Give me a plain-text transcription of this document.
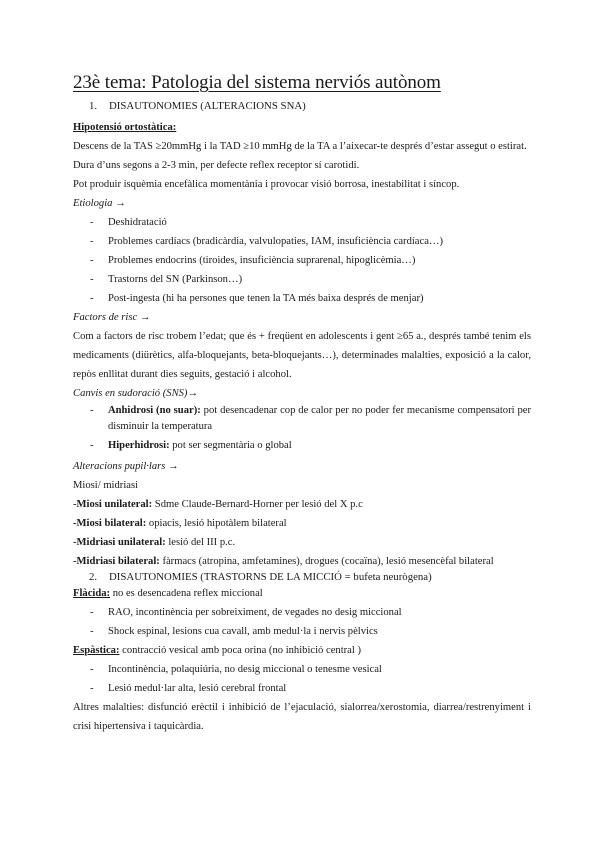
23è tema: Patologia del sistema nerviós autònom
1. DISAUTONOMIES (ALTERACIONS SNA)

Hipotensió ortostàtica:

Descens de la TAS ≥20mmHg i la TAD ≥10 mmHg de la TA a l’aixecar-te després d’estar assegut o estirat. Dura d’uns segons a 2-3 min, per defecte reflex receptor sí carotidi.

Pot produir isquèmia encefàlica momentània i provocar visió borrosa, inestabilitat i síncop.

Etiologia →

- Deshidratació
- Problemes cardíacs (bradicàrdia, valvulopaties, IAM, insuficiència cardíaca…)
- Problemes endocrins (tiroides, insuficiència suprarenal, hipoglicèmia…)
- Trastorns del SN (Parkinson…)
- Post-ingesta (hi ha persones que tenen la TA més baixa després de menjar)

Factors de risc →

Com a factors de risc trobem l’edat; que és + freqüent en adolescents i gent ≥65 a., després també tenim els medicaments (diürètics, alfa-bloquejants, beta-bloquejants…), determinades malalties, exposició a la calor, repòs enllitat durant dies seguits, gestació i alcohol.

Canvis en sudoració (SNS)→

- Anhidrosi (no suar): pot desencadenar cop de calor per no poder fer mecanisme compensatori per disminuir la temperatura
- Hiperhidrosi: pot ser segmentària o global

Alteracions pupil·lars →

Miosi/ midriasi

-Miosi unilateral: Sdme Claude-Bernard-Horner per lesió del X p.c

-Miosi bilateral: opiacis, lesió hipotàlem bilateral

-Midriasi unilateral: lesió del III p.c.

-Midriasi bilateral: fàrmacs (atropina, amfetamines), drogues (cocaïna), lesió mesencèfal bilateral

2. DISAUTONOMIES (TRASTORNS DE LA MICCIÓ = bufeta neurògena)

Flàcida: no es desencadena reflex miccional

- RAO, incontinència per sobreiximent, de vegades no desig miccional
- Shock espinal, lesions cua cavall, amb medul·la i nervis pèlvics

Espàstica: contracció vesical amb poca orina (no inhibició central )

- Incontinència, polaquiúria, no desig miccional o tenesme vesical
- Lesió medul·lar alta, lesió cerebral frontal

Altres malalties: disfunció erèctil i inhibició de l’ejaculació, sialorrea/xerostomia, diarrea/restrenyiment i crisi hipertensiva i taquicàrdia.
